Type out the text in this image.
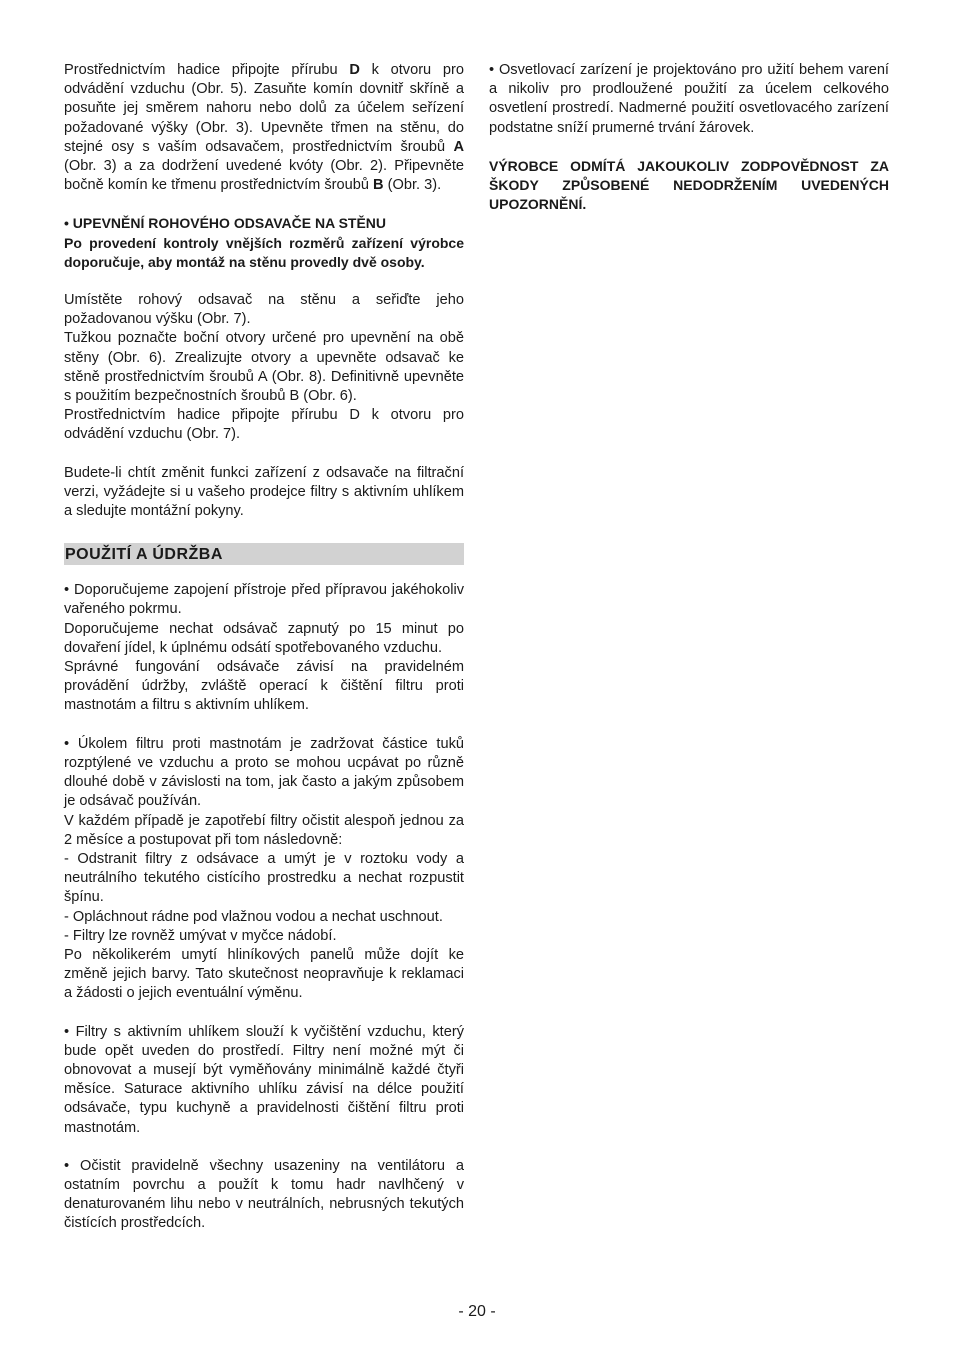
Prostřednictvím hadice připojte přírubu D k otvoru pro odvádění vzduchu (Obr. 5). Zasuňte komín dovnitř skříně a posuňte jej směrem nahoru nebo dolů za účelem seřízení požadované výšky (Obr. 3). Upevněte třmen na stěnu, do stejné osy s vaším odsavačem, prostřednictvím šroubů A (Obr. 3) a za dodržení uvedené kvóty (Obr. 2). Připevněte bočně komín ke třmenu prostřednictvím šroubů B (Obr. 3).

• UPEVNĚNÍ ROHOVÉHO ODSAVAČE NA STĚNU

Po provedení kontroly vnějších rozměrů zařízení výrobce doporučuje, aby montáž na stěnu provedly dvě osoby.

Umístěte rohový odsavač na stěnu a seřiďte jeho požadovanou výšku (Obr. 7).

Tužkou poznačte boční otvory určené pro upevnění na obě stěny (Obr. 6). Zrealizujte otvory a upevněte odsavač ke stěně prostřednictvím šroubů A (Obr. 8). Definitivně upevněte s použitím bezpečnostních šroubů B (Obr. 6).

Prostřednictvím hadice připojte přírubu D k otvoru pro odvádění vzduchu (Obr. 7).

Budete-li chtít změnit funkci zařízení z odsavače na filtrační verzi, vyžádejte si u vašeho prodejce filtry s aktivním uhlíkem a sledujte montážní pokyny.

POUŽITÍ A ÚDRŽBA

• Doporučujeme zapojení přístroje před přípravou jakéhokoliv vařeného pokrmu.

Doporučujeme nechat odsávač zapnutý po 15 minut po dovaření jídel, k úplnému odsátí spotřebovaného vzduchu.

Správné fungování odsávače závisí na pravidelném provádění údržby, zvláště operací k čištění filtru proti mastnotám a filtru s aktivním uhlíkem.

• Úkolem filtru proti mastnotám je zadržovat částice tuků rozptýlené ve vzduchu a proto se mohou ucpávat po různě dlouhé době v závislosti na tom, jak často a jakým způsobem je odsávač používán.

V každém případě je zapotřebí filtry očistit alespoň jednou za 2 měsíce a postupovat při tom následovně:

- Odstranit filtry z odsávace a umýt je v roztoku vody a neutrálního tekutého cistícího prostredku a nechat rozpustit špínu.

- Opláchnout rádne pod vlažnou vodou a nechat uschnout.

- Filtry lze rovněž umývat v myčce nádobí.

Po několikerém umytí hliníkových panelů může dojít ke změně jejich barvy. Tato skutečnost neopravňuje k reklamaci a žádosti o jejich eventuální výměnu.

• Filtry s aktivním uhlíkem slouží k vyčištění vzduchu, který bude opět uveden do prostředí. Filtry není možné mýt či obnovovat a musejí být vyměňovány minimálně každé čtyři měsíce. Saturace aktivního uhlíku závisí na délce použití odsávače, typu kuchyně a pravidelnosti čištění filtru proti mastnotám.

• Očistit pravidelně všechny usazeniny na ventilátoru a ostatním povrchu a použít k tomu hadr navlhčený v denaturovaném lihu nebo v neutrálních, nebrusných tekutých čistících prostředcích.

• Osvetlovací zarízení je projektováno pro užití behem varení a nikoliv pro prodloužené použití za úcelem celkového osvetlení prostredí. Nadmerné použití osvetlovacého zarízení podstatne sníží prumerné trvání žárovek.

VÝROBCE ODMÍTÁ JAKOUKOLIV ZODPOVĚDNOST ZA ŠKODY ZPŮSOBENÉ NEDODRŽENÍM UVEDENÝCH UPOZORNĚNÍ.

- 20 -
